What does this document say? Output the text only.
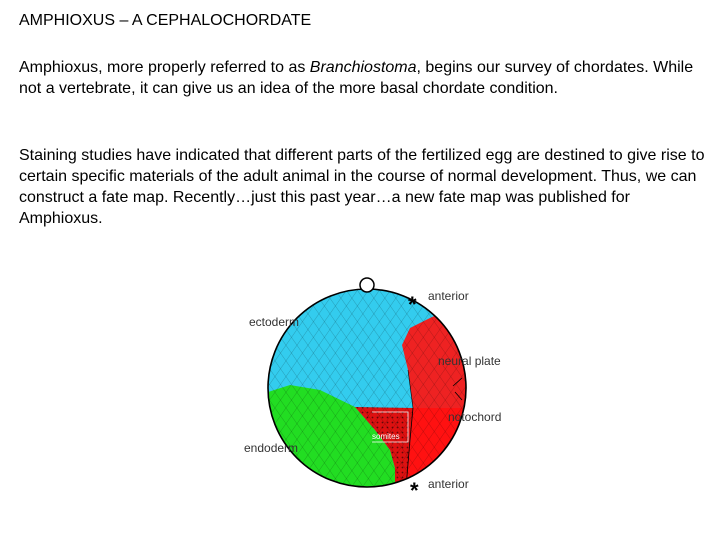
AMPHIOXUS – A CEPHALOCHORDATE

Amphioxus, more properly referred to as Branchiostoma, begins our survey of chordates. While not a vertebrate, it can give us an idea of the more basal chordate condition.

Staining studies have indicated that different parts of the fertilized egg are destined to give rise to certain specific materials of the adult animal in the course of normal development. Thus, we can construct a fate map. Recently…just this past year…a new fate map was published for Amphioxus.

*
*
anterior
ectoderm
neural plate
notochord
somites
endoderm
anterior
